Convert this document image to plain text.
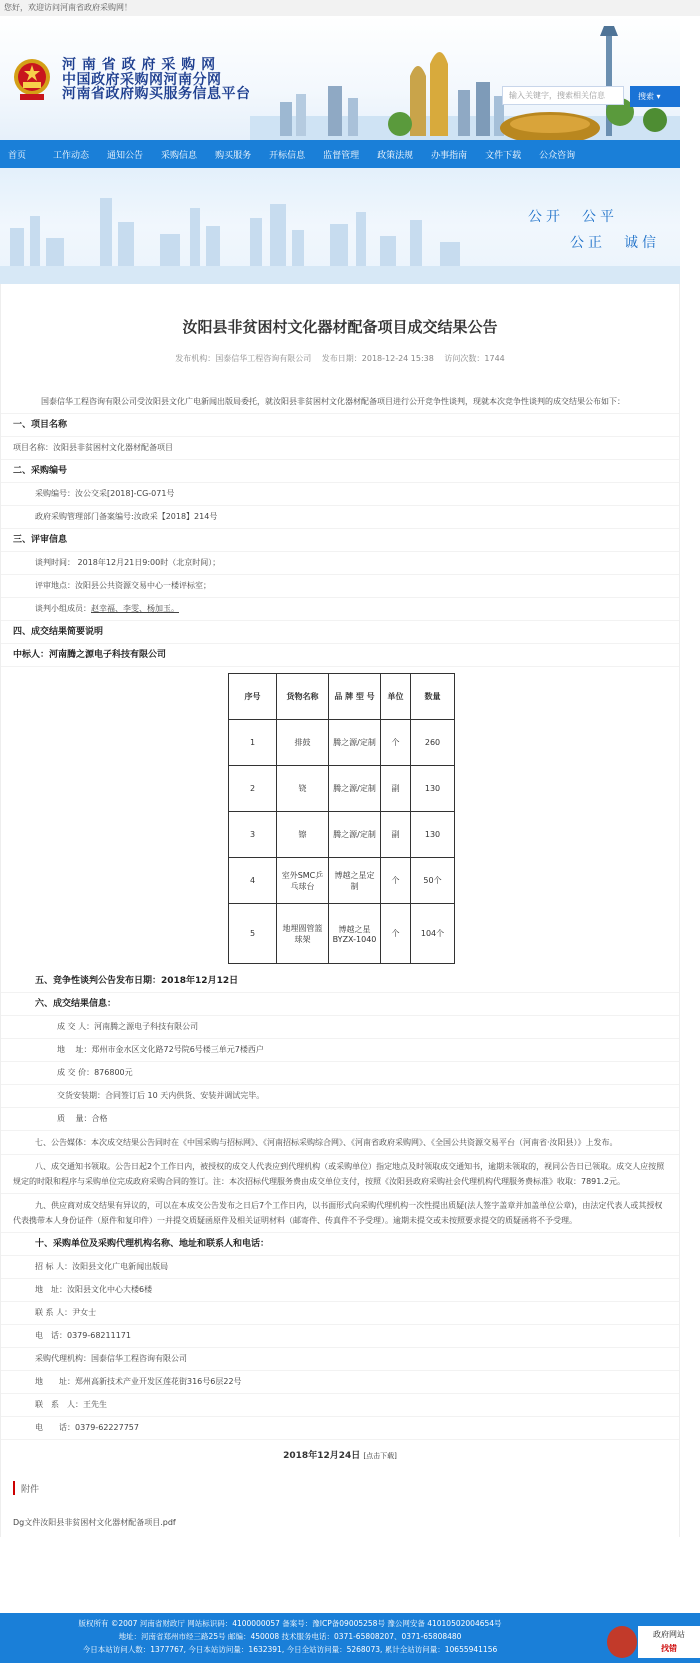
您好，欢迎访问河南省政府采购网！
河 南 省 政 府 采 购 网
中国政府采购网河南分网
河南省政府购买服务信息平台	输入关键字，搜索相关信息	搜索 ▾
首页	工作动态 通知公告 采购信息 购买服务 开标信息 监督管理 政策法规 办事指南 文件下载 公众咨询
公开　公平
公正　诚信
汝阳县非贫困村文化器材配备项目成交结果公告
发布机构：国泰信华工程咨询有限公司 发布日期：2018-12-24 15:38 访问次数：1744
国泰信华工程咨询有限公司受汝阳县文化广电新闻出版局委托，就汝阳县非贫困村文化器材配备项目进行公开竞争性谈判，现就本次竞争性谈判的成交结果公布如下：
一、项目名称
项目名称：汝阳县非贫困村文化器材配备项目
二、采购编号
采购编号：汝公交采[2018]-CG-071号
政府采购管理部门备案编号:汝政采【2018】214号
三、评审信息
谈判时间： 2018年12月21日9:00时（北京时间）；
评审地点：汝阳县公共资源交易中心一楼评标室；
谈判小组成员：赵幸福、李雯、杨加玉。
四、成交结果简要说明
中标人：河南腾之源电子科技有限公司
序号	货物名称	品 牌 型 号	单位	数量
1	排鼓	腾之源/定制	个	260
2	铙	腾之源/定制	副	130
3	镲	腾之源/定制	副	130
4	室外SMC乒乓球台	博越之星定制	个	50个
5	地埋圆管篮球架	博越之星BYZX-1040	个	104个
五、竞争性谈判公告发布日期：2018年12月12日
六、成交结果信息：
成 交 人：河南腾之源电子科技有限公司
地　 址：郑州市金水区文化路72号院6号楼三单元7楼西户
成 交 价：876800元
交货安装期：合同签订后 10 天内供货、安装并调试完毕。
质　 量：合格
七、公告媒体：本次成交结果公告同时在《中国采购与招标网》、《河南招标采购综合网》、《河南省政府采购网》、《全国公共资源交易平台（河南省·汝阳县）》上发布。
八、成交通知书领取。公告日起2个工作日内，被授权的成交人代表应到代理机构（或采购单位）指定地点及时领取成交通知书，逾期未领取的，视同公告日已领取。成交人应按照规定的时限和程序与采购单位完成政府采购合同的签订。注：本次招标代理服务费由成交单位支付，按照《汝阳县政府采购社会代理机构代理服务费标准》收取：7891.2元。
九、供应商对成交结果有异议的，可以在本成交公告发布之日后7个工作日内，以书面形式向采购代理机构一次性提出质疑(法人签字盖章并加盖单位公章)，由法定代表人或其授权代表携带本人身份证件（原件和复印件）一并提交质疑函原件及相关证明材料（邮寄件、传真件不予受理）。逾期未提交或未按照要求提交的质疑函将不予受理。
十、采购单位及采购代理机构名称、地址和联系人和电话：
招 标 人：汝阳县文化广电新闻出版局
地　址：汝阳县文化中心大楼6楼
联 系 人：尹女士
电　话：0379-68211171
采购代理机构：国泰信华工程咨询有限公司
地　　址：郑州高新技术产业开发区莲花街316号6层22号
联　系　人：王先生
电　　话：0379-62227757
2018年12月24日 [点击下载]
附件
Dg文件汝阳县非贫困村文化器材配备项目.pdf
版权所有 ©2007 河南省财政厅 网站标识码：4100000057 备案号：豫ICP备09005258号 豫公网安备 41010502004654号
地址：河南省郑州市经三路25号 邮编：450008 技术服务电话：0371-65808207、0371-65808480
今日本站访问人数：1377767, 今日本站访问量：1632391, 今日全站访问量：5268073, 累计全站访问量：10655941156
政府网站
找错
